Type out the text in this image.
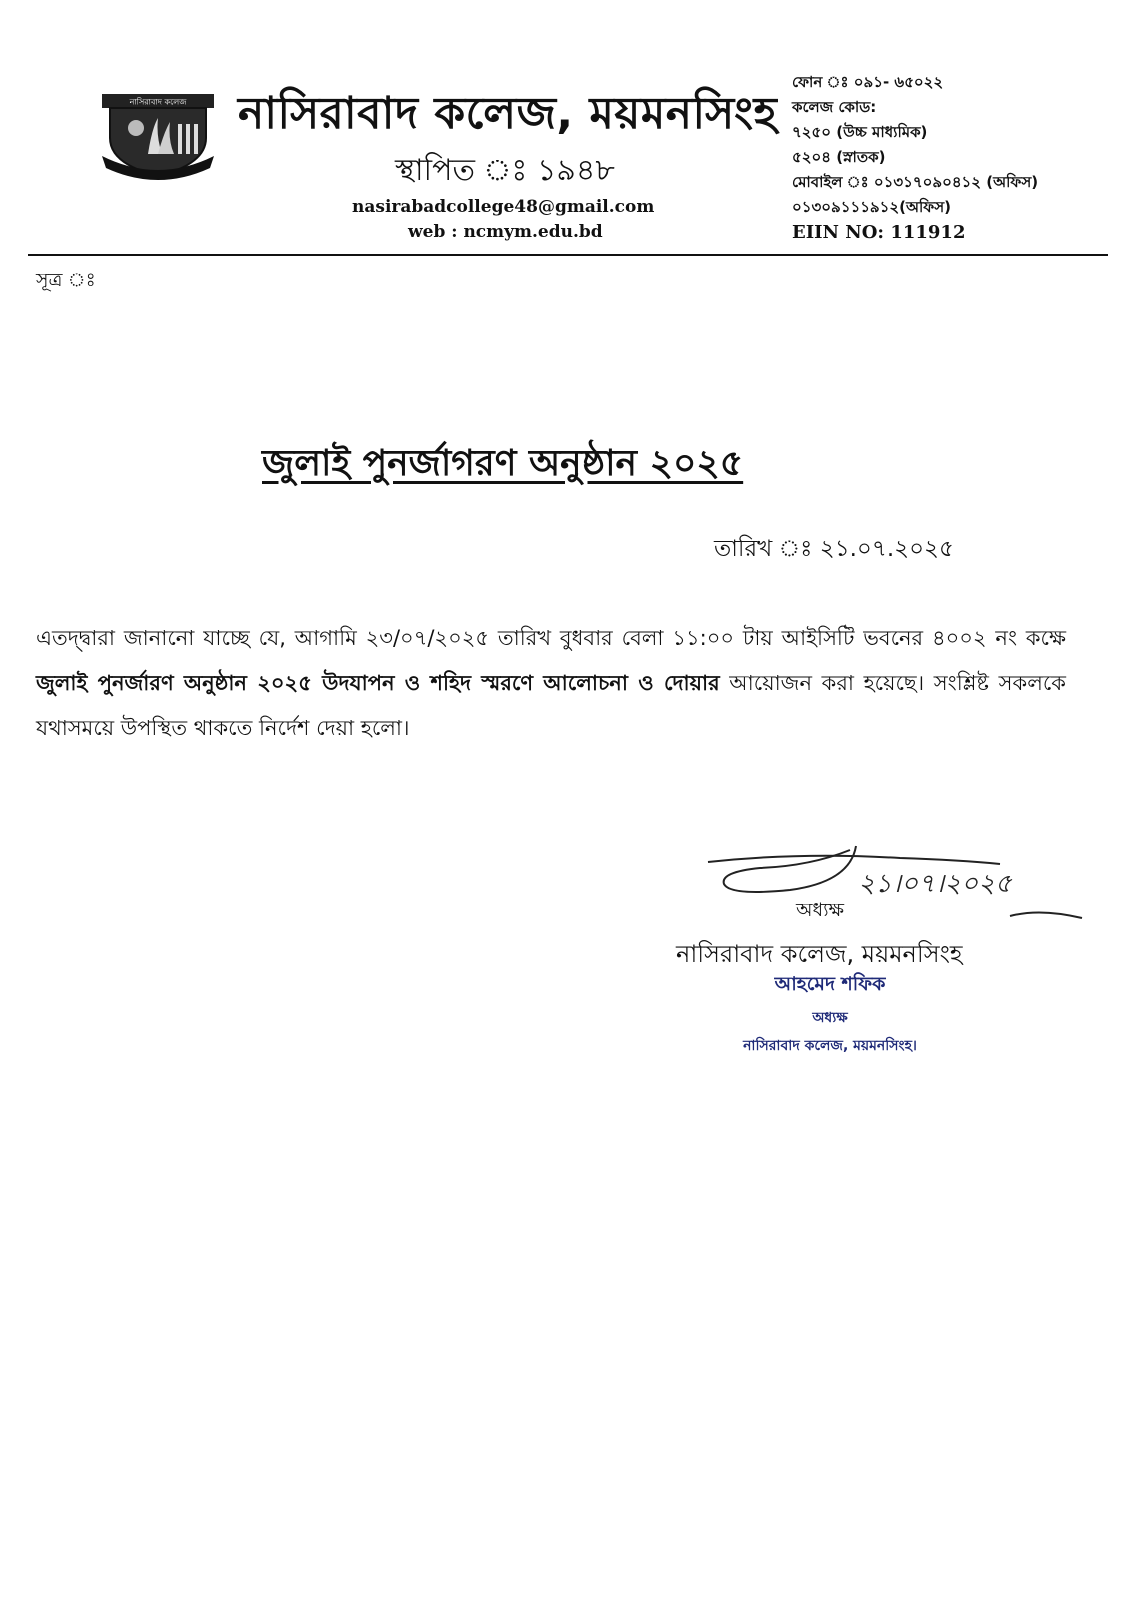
নাসিরাবাদ কলেজ নাসিরাবাদ কলেজ, ময়মনসিংহ
স্থাপিত ঃ ১৯৪৮
nasirabadcollege48@gmail.com
web : ncmym.edu.bd
ফোন ঃ ০৯১- ৬৫০২২
কলেজ কোড:
৭২৫০ (উচ্চ মাধ্যমিক)
৫২০৪ (স্নাতক)
মোবাইল ঃ ০১৩১৭০৯০৪১২ (অফিস)
০১৩০৯১১১৯১২(অফিস)
EIIN NO: 111912
সূত্র ঃ
জুলাই পুনর্জাগরণ অনুষ্ঠান ২০২৫
তারিখ ঃ ২১.০৭.২০২৫
এতদ্দ্বারা জানানো যাচ্ছে যে, আগামি ২৩/০৭/২০২৫ তারিখ বুধবার বেলা ১১:০০ টায় আইসিটি ভবনের ৪০০২ নং কক্ষে জুলাই পুনর্জারণ অনুষ্ঠান ২০২৫ উদযাপন ও শহিদ স্মরণে আলোচনা ও দোয়ার আয়োজন করা হয়েছে। সংশ্লিষ্ট সকলকে যথাসময়ে উপস্থিত থাকতে নির্দেশ দেয়া হলো।
২১।০৭।২০২৫
অধ্যক্ষ
নাসিরাবাদ কলেজ, ময়মনসিংহ
আহমেদ শফিক
অধ্যক্ষ
নাসিরাবাদ কলেজ, ময়মনসিংহ।
